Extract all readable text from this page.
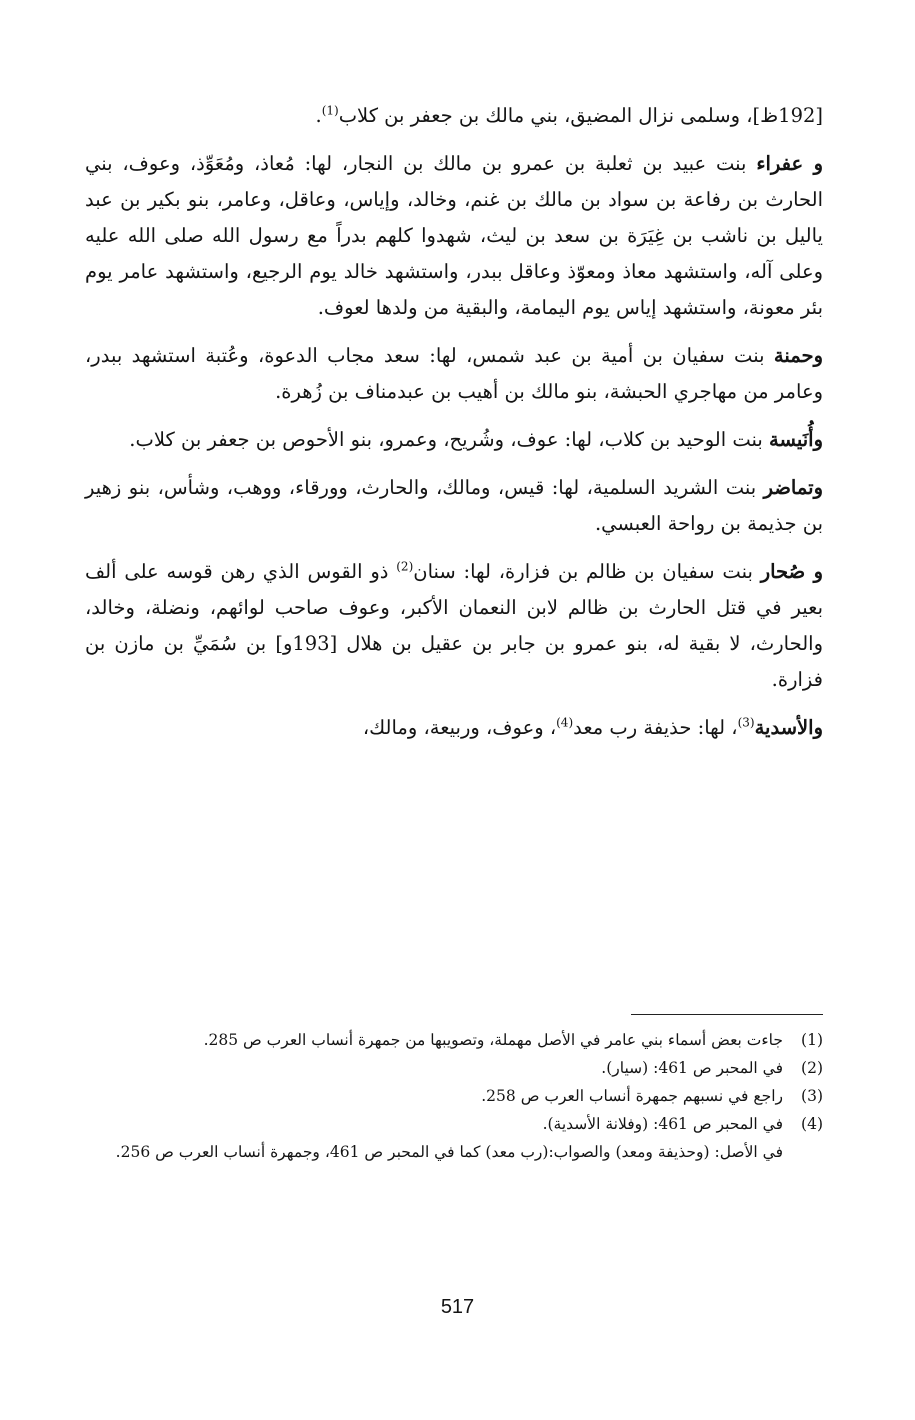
[192ظ]، وسلمى نزال المضيق، بني مالك بن جعفر بن كلاب$^{(1)}$.

و عفراء بنت عبيد بن ثعلبة بن عمرو بن مالك بن النجار، لها: مُعاذ، ومُعَوِّذ، وعوف، بني الحارث بن رفاعة بن سواد بن مالك بن غنم، وخالد، وإياس، وعاقل، وعامر، بنو بكير بن عبد ياليل بن ناشب بن غِيَرَة بن سعد بن ليث، شهدوا كلهم بدراً مع رسول الله صلى الله عليه وعلى آله، واستشهد معاذ ومعوّذ وعاقل ببدر، واستشهد خالد يوم الرجيع، واستشهد عامر يوم بئر معونة، واستشهد إياس يوم اليمامة، والبقية من ولدها لعوف.

وحمنة بنت سفيان بن أمية بن عبد شمس، لها: سعد مجاب الدعوة، وعُتبة استشهد ببدر، وعامر من مهاجري الحبشة، بنو مالك بن أهيب بن عبدمناف بن زُهرة.

وأُنَيسة بنت الوحيد بن كلاب، لها: عوف، وشُريح، وعمرو، بنو الأحوص بن جعفر بن كلاب.

وتماضر بنت الشريد السلمية، لها: قيس، ومالك، والحارث، وورقاء، ووهب، وشأس، بنو زهير بن جذيمة بن رواحة العبسي.

و صُحار بنت سفيان بن ظالم بن فزارة، لها: سنان$^{(2)}$ ذو القوس الذي رهن قوسه على ألف بعير في قتل الحارث بن ظالم لابن النعمان الأكبر، وعوف صاحب لوائهم، ونضلة، وخالد، والحارث، لا بقية له، بنو عمرو بن جابر بن عقيل بن هلال [193و] بن سُمَيِّ بن مازن بن فزارة.

والأسدية$^{(3)}$، لها: حذيفة رب معد$^{(4)}$، وعوف، وربيعة، ومالك،

(1)
جاءت بعض أسماء بني عامر في الأصل مهملة، وتصويبها من جمهرة أنساب العرب ص 285.
(2)
في المحبر ص 461: (سيار).
(3)
راجع في نسبهم جمهرة أنساب العرب ص 258.
(4)
في المحبر ص 461: (وفلانة الأسدية).

في الأصل: (وحذيفة ومعد) والصواب:(رب معد) كما في المحبر ص 461، وجمهرة أنساب العرب ص 256.

517
